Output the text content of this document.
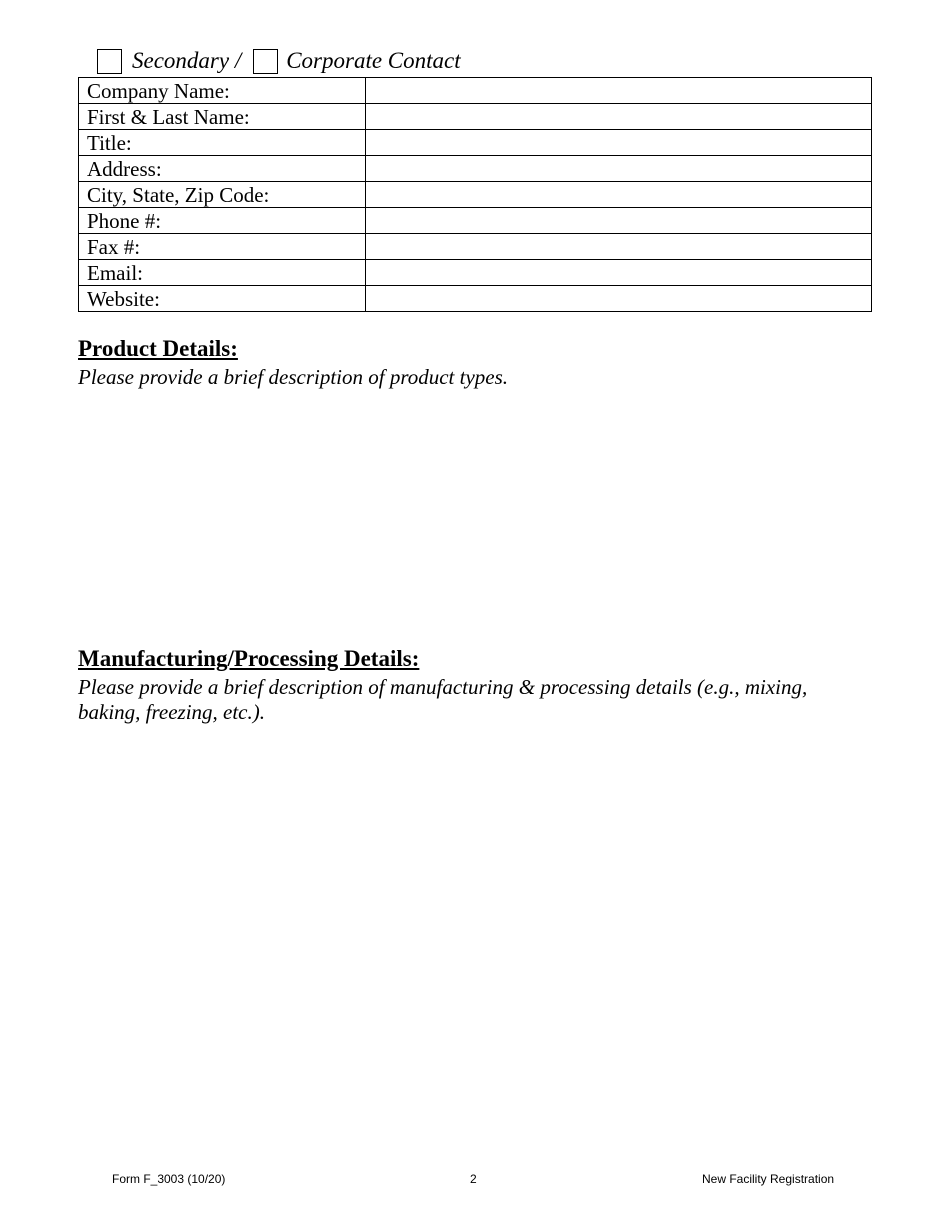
Secondary / Corporate Contact
Company Name:	
First & Last Name:	
Title:	
Address:	
City, State, Zip Code:	
Phone #:	
Fax #:	
Email:	
Website:	
Product Details:

Please provide a brief description of product types.

Manufacturing/Processing Details:

Please provide a brief description of manufacturing & processing details (e.g., mixing, baking, freezing, etc.).

Form F_3003 (10/20)	2	New Facility Registration
